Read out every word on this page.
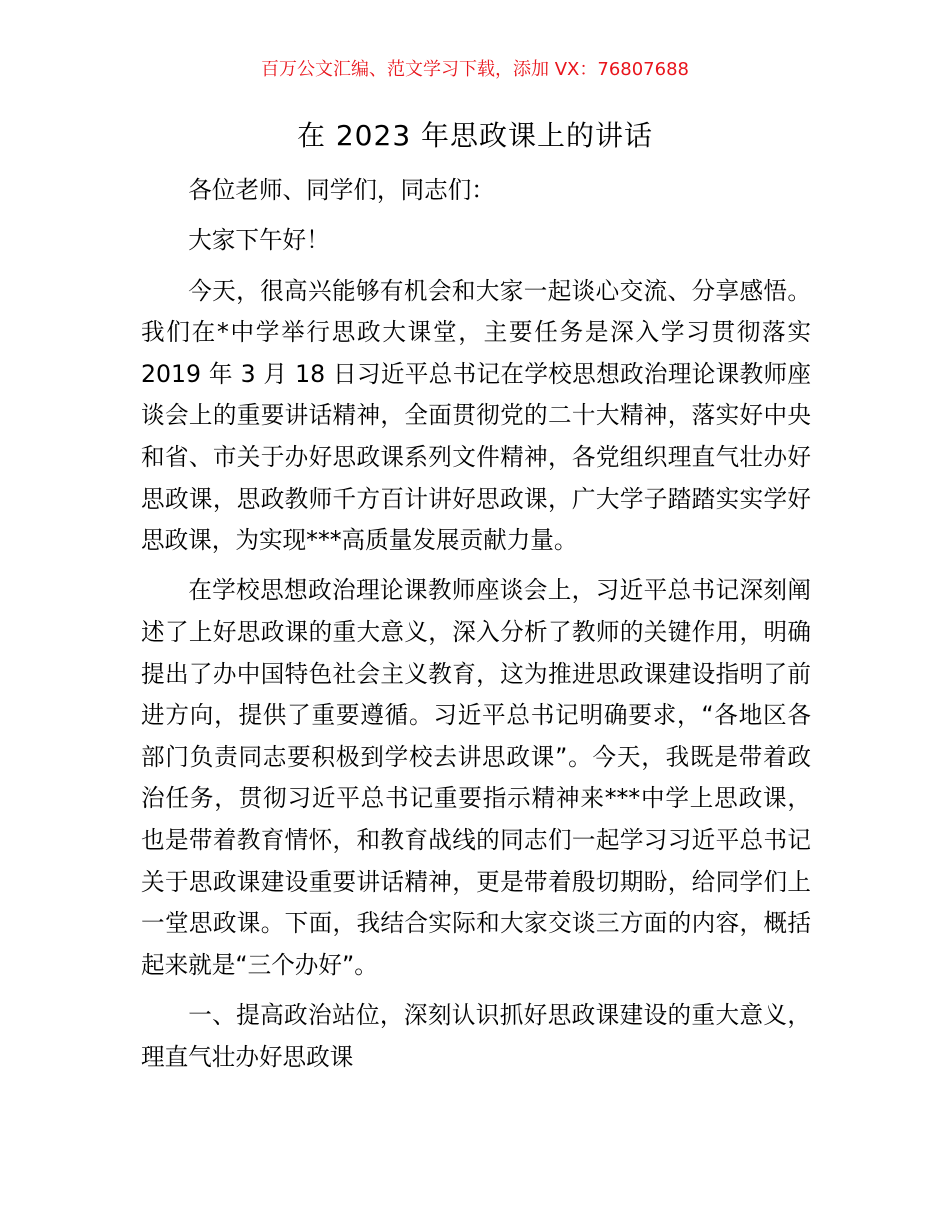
百万公文汇编、范文学习下载，添加 VX：76807688
在 2023 年思政课上的讲话

各位老师、同学们，同志们：

大家下午好！

今天，很高兴能够有机会和大家一起谈心交流、分享感悟。我们在*中学举行思政大课堂，主要任务是深入学习贯彻落实 2019 年 3 月 18 日习近平总书记在学校思想政治理论课教师座谈会上的重要讲话精神，全面贯彻党的二十大精神，落实好中央和省、市关于办好思政课系列文件精神，各党组织理直气壮办好思政课，思政教师千方百计讲好思政课，广大学子踏踏实实学好思政课，为实现***高质量发展贡献力量。

在学校思想政治理论课教师座谈会上，习近平总书记深刻阐述了上好思政课的重大意义，深入分析了教师的关键作用，明确提出了办中国特色社会主义教育，这为推进思政课建设指明了前进方向，提供了重要遵循。习近平总书记明确要求，“各地区各部门负责同志要积极到学校去讲思政课”。今天，我既是带着政治任务，贯彻习近平总书记重要指示精神来***中学上思政课，也是带着教育情怀，和教育战线的同志们一起学习习近平总书记关于思政课建设重要讲话精神，更是带着殷切期盼，给同学们上一堂思政课。下面，我结合实际和大家交谈三方面的内容，概括起来就是“三个办好”。

一、提高政治站位，深刻认识抓好思政课建设的重大意义，理直气壮办好思政课
